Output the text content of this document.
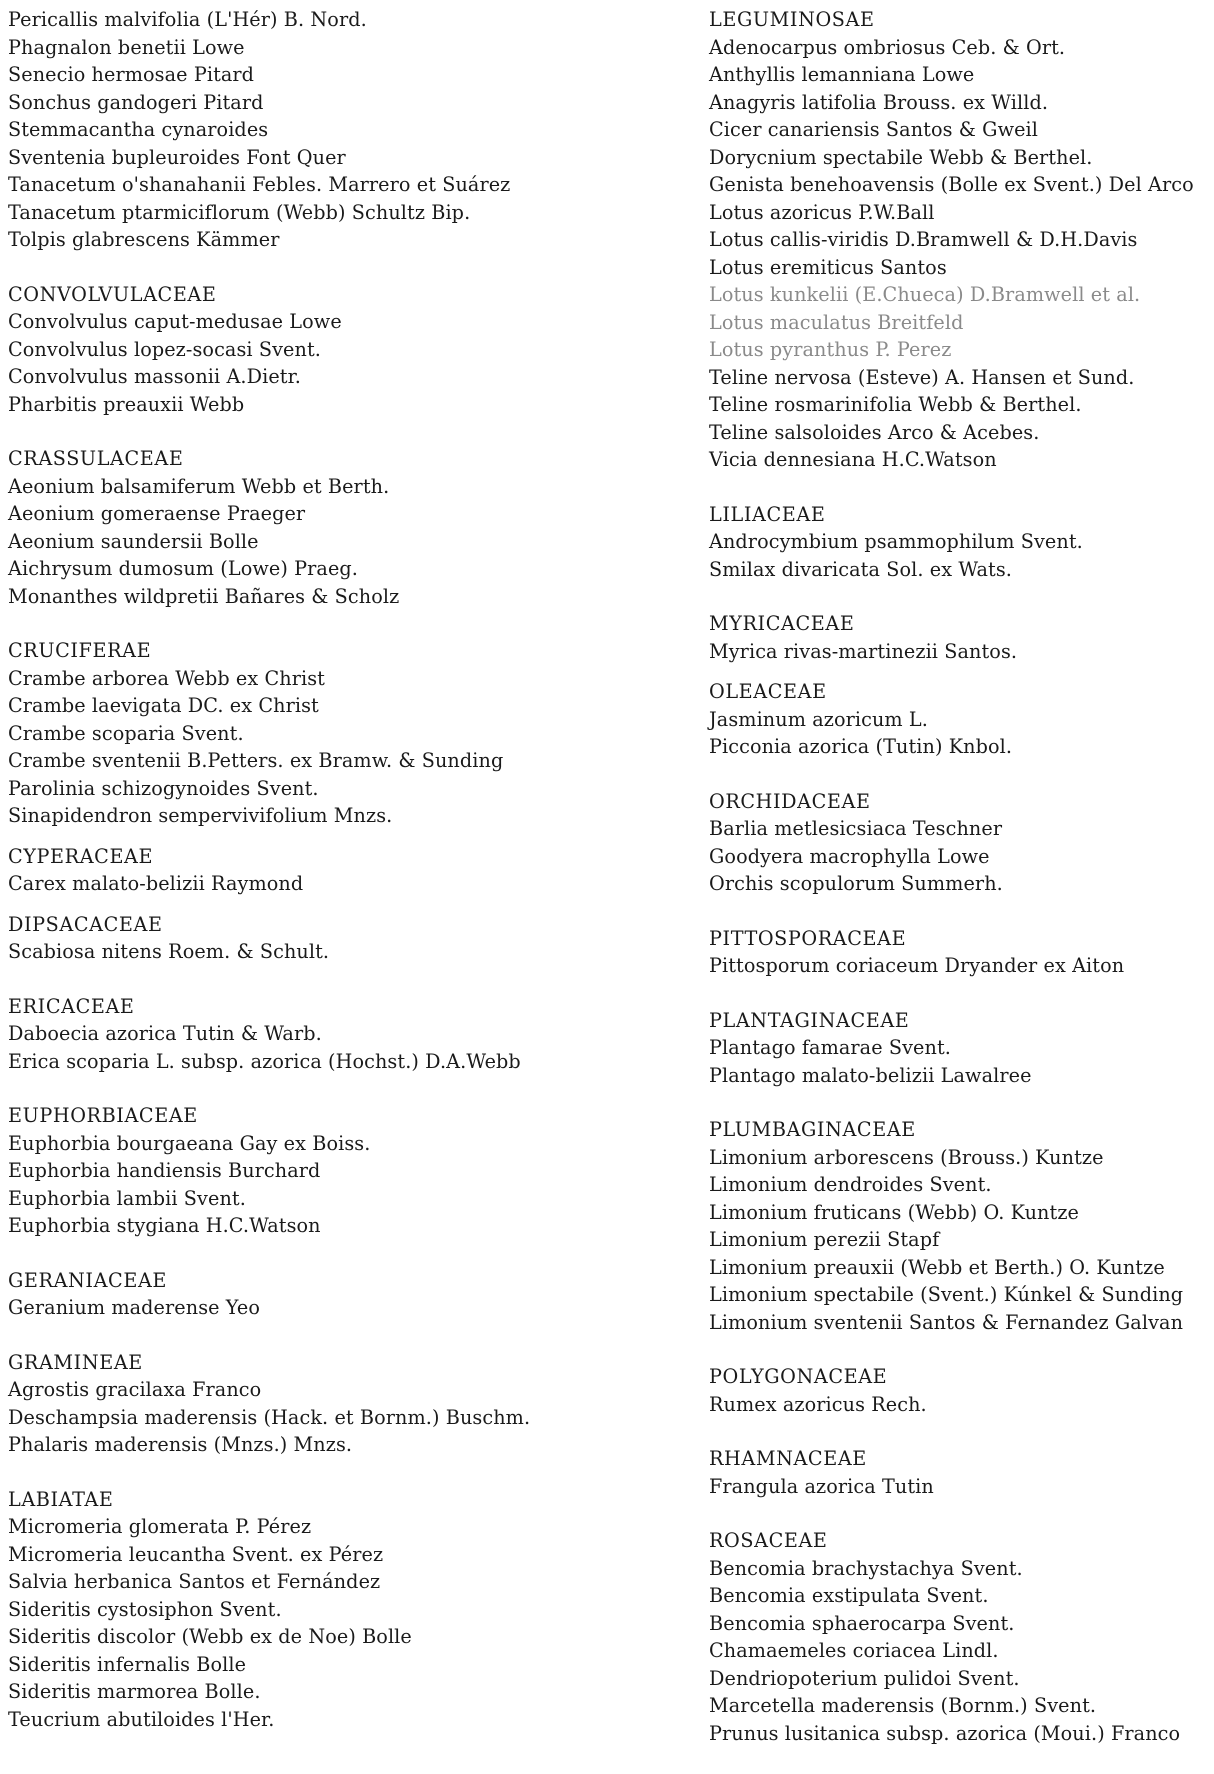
Pericallis malvifolia (L'Hér) B. Nord.
Phagnalon benetii Lowe
Senecio hermosae Pitard
Sonchus gandogeri Pitard
Stemmacantha cynaroides
Sventenia bupleuroides Font Quer
Tanacetum o'shanahanii Febles. Marrero et Suárez
Tanacetum ptarmiciflorum (Webb) Schultz Bip.
Tolpis glabrescens Kämmer
CONVOLVULACEAE
Convolvulus caput-medusae Lowe
Convolvulus lopez-socasi Svent.
Convolvulus massonii A.Dietr.
Pharbitis preauxii Webb
CRASSULACEAE
Aeonium balsamiferum Webb et Berth.
Aeonium gomeraense Praeger
Aeonium saundersii Bolle
Aichrysum dumosum (Lowe) Praeg.
Monanthes wildpretii Bañares & Scholz
CRUCIFERAE
Crambe arborea Webb ex Christ
Crambe laevigata DC. ex Christ
Crambe scoparia Svent.
Crambe sventenii B.Petters. ex Bramw. & Sunding
Parolinia schizogynoides Svent.
Sinapidendron sempervivifolium Mnzs.
CYPERACEAE
Carex malato-belizii Raymond
DIPSACACEAE
Scabiosa nitens Roem. & Schult.
ERICACEAE
Daboecia azorica Tutin & Warb.
Erica scoparia L. subsp. azorica (Hochst.) D.A.Webb
EUPHORBIACEAE
Euphorbia bourgaeana Gay ex Boiss.
Euphorbia handiensis Burchard
Euphorbia lambii Svent.
Euphorbia stygiana H.C.Watson
GERANIACEAE
Geranium maderense Yeo
GRAMINEAE
Agrostis gracilaxa Franco
Deschampsia maderensis (Hack. et Bornm.) Buschm.
Phalaris maderensis (Mnzs.) Mnzs.
LABIATAE
Micromeria glomerata P. Pérez
Micromeria leucantha Svent. ex Pérez
Salvia herbanica Santos et Fernández
Sideritis cystosiphon Svent.
Sideritis discolor (Webb ex de Noe) Bolle
Sideritis infernalis Bolle
Sideritis marmorea Bolle.
Teucrium abutiloides l'Her.
LEGUMINOSAE
Adenocarpus ombriosus Ceb. & Ort.
Anthyllis lemanniana Lowe
Anagyris latifolia Brouss. ex Willd.
Cicer canariensis Santos & Gweil
Dorycnium spectabile Webb & Berthel.
Genista benehoavensis (Bolle ex Svent.) Del Arco
Lotus azoricus P.W.Ball
Lotus callis-viridis D.Bramwell & D.H.Davis
Lotus eremiticus Santos
Lotus kunkelii (E.Chueca) D.Bramwell et al.
Lotus maculatus Breitfeld
Lotus pyranthus P. Perez
Teline nervosa (Esteve) A. Hansen et Sund.
Teline rosmarinifolia Webb & Berthel.
Teline salsoloides Arco & Acebes.
Vicia dennesiana H.C.Watson
LILIACEAE
Androcymbium psammophilum Svent.
Smilax divaricata Sol. ex Wats.
MYRICACEAE
Myrica rivas-martinezii Santos.
OLEACEAE
Jasminum azoricum L.
Picconia azorica (Tutin) Knbol.
ORCHIDACEAE
Barlia metlesicsiaca Teschner
Goodyera macrophylla Lowe
Orchis scopulorum Summerh.
PITTOSPORACEAE
Pittosporum coriaceum Dryander ex Aiton
PLANTAGINACEAE
Plantago famarae Svent.
Plantago malato-belizii Lawalree
PLUMBAGINACEAE
Limonium arborescens (Brouss.) Kuntze
Limonium dendroides Svent.
Limonium fruticans (Webb) O. Kuntze
Limonium perezii Stapf
Limonium preauxii (Webb et Berth.) O. Kuntze
Limonium spectabile (Svent.) Kúnkel & Sunding
Limonium sventenii Santos & Fernandez Galvan
POLYGONACEAE
Rumex azoricus Rech.
RHAMNACEAE
Frangula azorica Tutin
ROSACEAE
Bencomia brachystachya Svent.
Bencomia exstipulata Svent.
Bencomia sphaerocarpa Svent.
Chamaemeles coriacea Lindl.
Dendriopoterium pulidoi Svent.
Marcetella maderensis (Bornm.) Svent.
Prunus lusitanica subsp. azorica (Moui.) Franco
